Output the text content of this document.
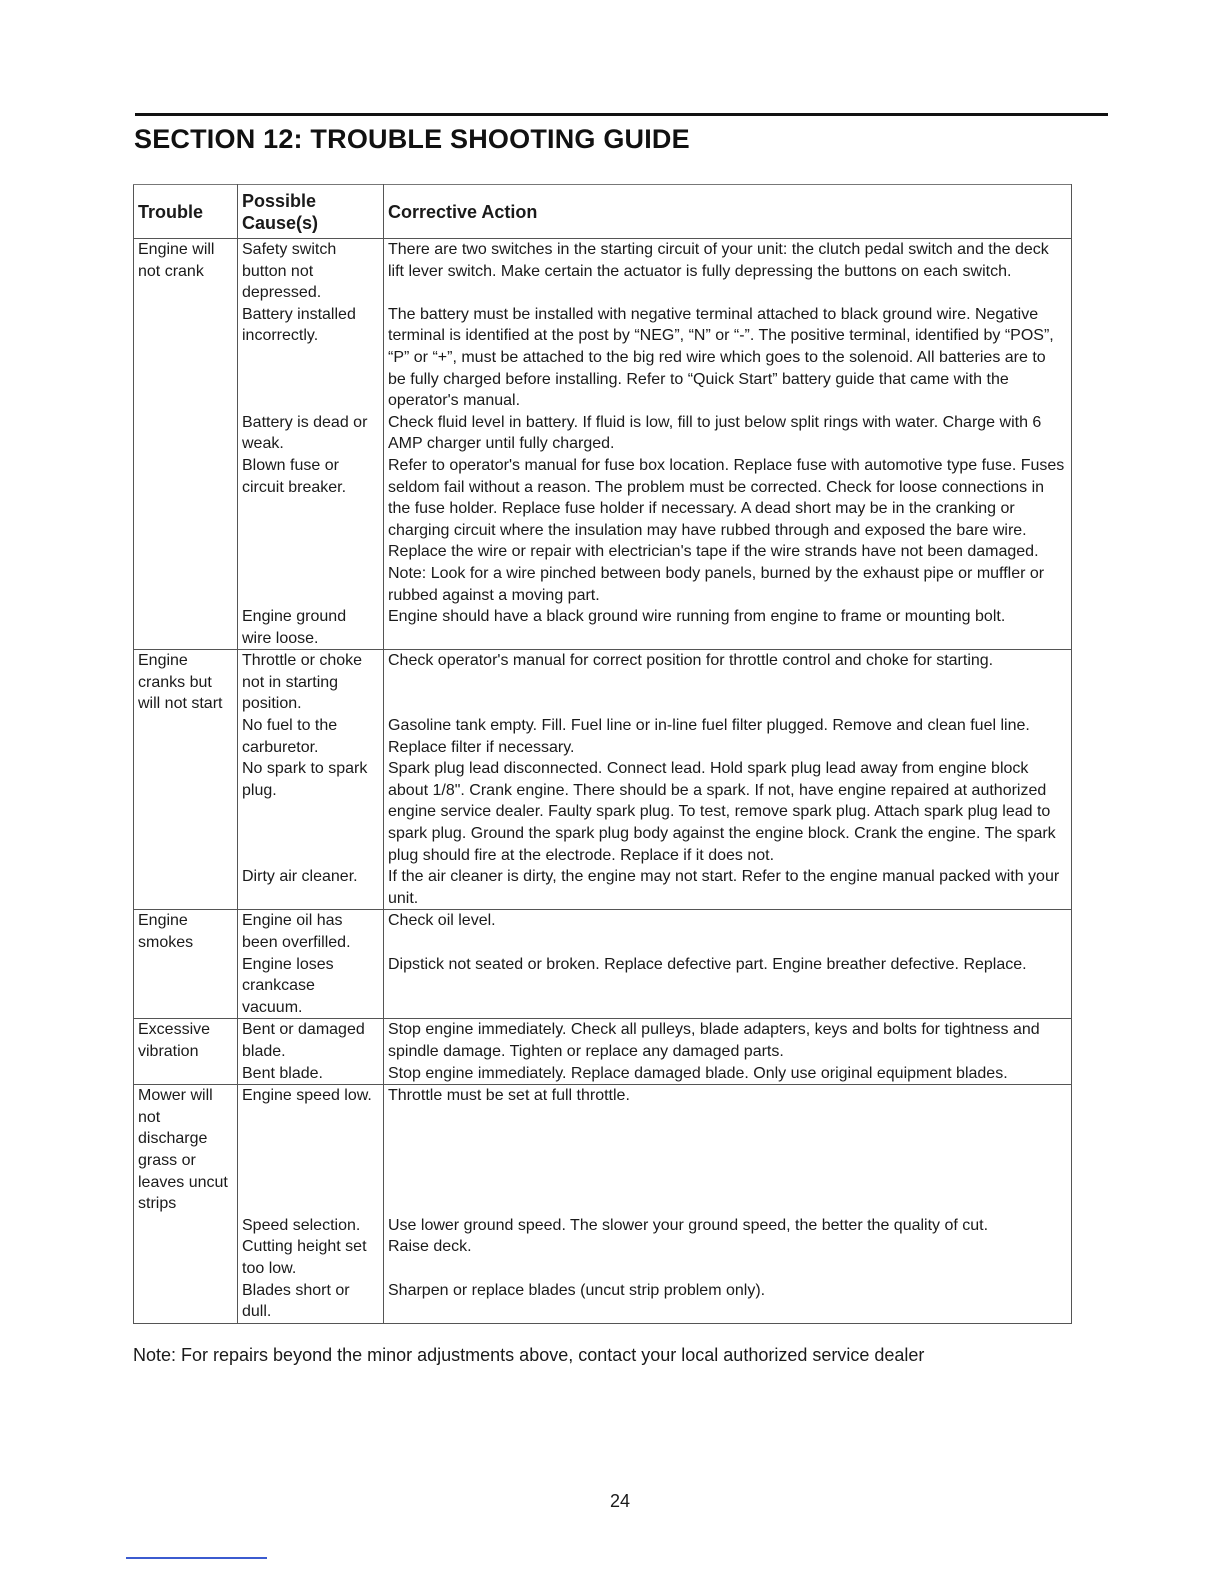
SECTION 12: TROUBLE SHOOTING GUIDE
Trouble	Possible Cause(s)	Corrective Action
Engine will not crank	Safety switch button not depressed.	There are two switches in the starting circuit of your unit: the clutch pedal switch and the deck lift lever switch. Make certain the actuator is fully depressing the buttons on each switch.
	Battery installed incorrectly.	The battery must be installed with negative terminal attached to black ground wire. Negative terminal is identified at the post by “NEG”, “N” or “-”. The positive terminal, identified by “POS”, “P” or “+”, must be attached to the big red wire which goes to the solenoid. All batteries are to be fully charged before installing. Refer to “Quick Start” battery guide that came with the operator's manual.
	Battery is dead or weak.	Check fluid level in battery. If fluid is low, fill to just below split rings with water. Charge with 6 AMP charger until fully charged.
	Blown fuse or circuit breaker.	Refer to operator's manual for fuse box location. Replace fuse with automotive type fuse. Fuses seldom fail without a reason. The problem must be corrected. Check for loose connections in the fuse holder. Replace fuse holder if necessary. A dead short may be in the cranking or charging circuit where the insulation may have rubbed through and exposed the bare wire. Replace the wire or repair with electrician's tape if the wire strands have not been damaged. Note: Look for a wire pinched between body panels, burned by the exhaust pipe or muffler or rubbed against a moving part.
	Engine ground wire loose.	Engine should have a black ground wire running from engine to frame or mounting bolt.
Engine cranks but will not start	Throttle or choke not in starting position.	Check operator's manual for correct position for throttle control and choke for starting.
	No fuel to the carburetor.	Gasoline tank empty. Fill. Fuel line or in-line fuel filter plugged. Remove and clean fuel line. Replace filter if necessary.
	No spark to spark plug.	Spark plug lead disconnected. Connect lead. Hold spark plug lead away from engine block about 1/8". Crank engine. There should be a spark. If not, have engine repaired at authorized engine service dealer. Faulty spark plug. To test, remove spark plug. Attach spark plug lead to spark plug. Ground the spark plug body against the engine block. Crank the engine. The spark plug should fire at the electrode. Replace if it does not.
	Dirty air cleaner.	If the air cleaner is dirty, the engine may not start. Refer to the engine manual packed with your unit.
Engine smokes	Engine oil has been overfilled.	Check oil level.
	Engine loses crankcase vacuum.	Dipstick not seated or broken. Replace defective part. Engine breather defective. Replace.
Excessive vibration	Bent or damaged blade.	Stop engine immediately. Check all pulleys, blade adapters, keys and bolts for tightness and spindle damage. Tighten or replace any damaged parts.
	Bent blade.	Stop engine immediately. Replace damaged blade. Only use original equipment blades.
Mower will not discharge grass or leaves uncut strips	Engine speed low.	Throttle must be set at full throttle.
	Speed selection.	Use lower ground speed. The slower your ground speed, the better the quality of cut.
	Cutting height set too low.	Raise deck.
	Blades short or dull.	Sharpen or replace blades (uncut strip problem only).
Note: For repairs beyond the minor adjustments above, contact your local authorized service dealer
24
